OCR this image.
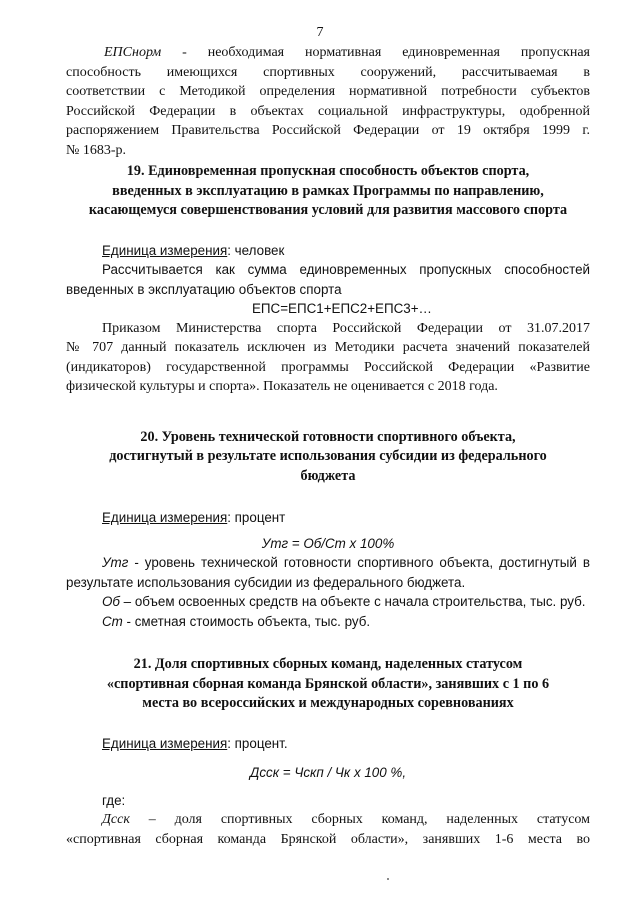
7

ЕПСнорм - необходимая нормативная единовременная пропускная

способность имеющихся спортивных сооружений, рассчитываемая в

соответствии с Методикой определения нормативной потребности субъектов

Российской Федерации в объектах социальной инфраструктуры, одобренной

распоряжением Правительства Российской Федерации от 19 октября 1999 г.

№ 1683-р.

19. Единовременная пропускная способность объектов спорта,

введенных в эксплуатацию в рамках Программы по направлению,

касающемуся совершенствования условий для развития массового спорта

Единица измерения: человек

Рассчитывается как сумма единовременных пропускных способностей

введенных в эксплуатацию объектов спорта

ЕПС=ЕПС1+ЕПС2+ЕПС3+…

Приказом Министерства спорта Российской Федерации от 31.07.2017

№ 707 данный показатель исключен из Методики расчета значений показателей

(индикаторов) государственной программы Российской Федерации «Развитие

физической культуры и спорта». Показатель не оценивается с 2018 года.

20. Уровень технической готовности спортивного объекта,

достигнутый в результате использования субсидии из федерального

бюджета

Единица измерения: процент

Утг = Об/Ст х 100%

Утг - уровень технической готовности спортивного объекта, достигнутый в

результате использования субсидии из федерального бюджета.

Об – объем освоенных средств на объекте с начала строительства, тыс. руб.

Ст - сметная стоимость объекта, тыс. руб.

21. Доля спортивных сборных команд, наделенных статусом

«спортивная сборная команда Брянской области», занявших с 1 по 6

места во всероссийских и международных соревнованиях

Единица измерения: процент.

Дсск = Чскп / Чк х 100 %,

где:

Дсск – доля спортивных сборных команд, наделенных статусом

«спортивная сборная команда Брянской области», занявших 1-6 места во
